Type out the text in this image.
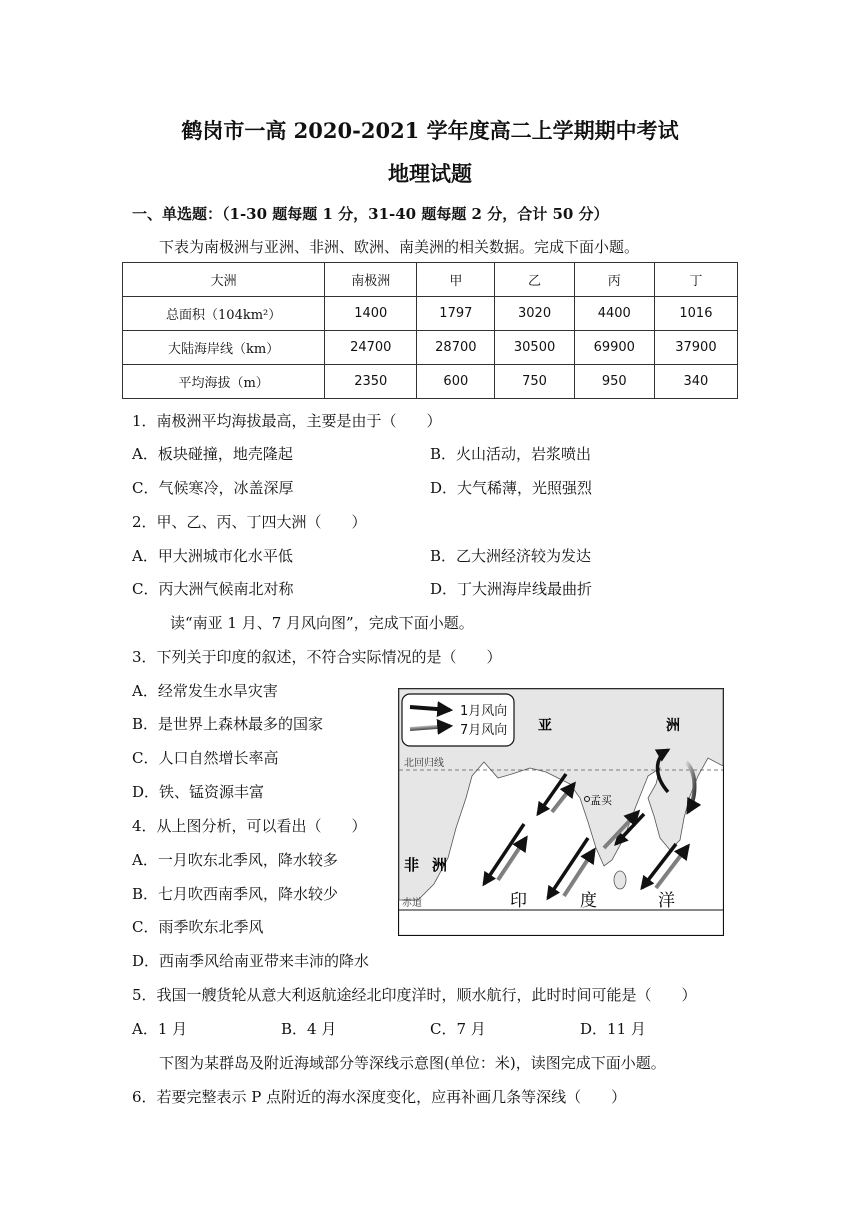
鹤岗市一高 2020-2021 学年度高二上学期期中考试
地理试题
一、单选题：（1-30 题每题 1 分，31-40 题每题 2 分，合计 50 分）
下表为南极洲与亚洲、非洲、欧洲、南美洲的相关数据。完成下面小题。
大洲	南极洲	甲	乙	丙	丁
总面积（104km²）	1400	1797	3020	4400	1016
大陆海岸线（km）	24700	28700	30500	69900	37900
平均海拔（m）	2350	600	750	950	340
1．南极洲平均海拔最高，主要是由于（　　）
A．板块碰撞，地壳隆起	B．火山活动，岩浆喷出
C．气候寒冷，冰盖深厚	D．大气稀薄，光照强烈
2．甲、乙、丙、丁四大洲（　　）
A．甲大洲城市化水平低	B．乙大洲经济较为发达
C．丙大洲气候南北对称	D．丁大洲海岸线最曲折
读“南亚 1 月、7 月风向图”，完成下面小题。
3．下列关于印度的叙述，不符合实际情况的是（　　）
A．经常发生水旱灾害
B．是世界上森林最多的国家
C．人口自然增长率高
D．铁、锰资源丰富
4．从上图分析，可以看出（　　）
A．一月吹东北季风，降水较多
B．七月吹西南季风，降水较少
C．雨季吹东北季风
D．西南季风给南亚带来丰沛的降水
5．我国一艘货轮从意大利返航途经北印度洋时，顺水航行，此时时间可能是（　　）
A．1 月	B．4 月	C．7 月	D．11 月
下图为某群岛及附近海域部分等深线示意图(单位：米)，读图完成下面小题。
6．若要完整表示 P 点附近的海水深度变化，应再补画几条等深线（　　）
1月风向
7月风向 亚	洲
北回归线
赤道
非 洲
印	度	洋
孟买
